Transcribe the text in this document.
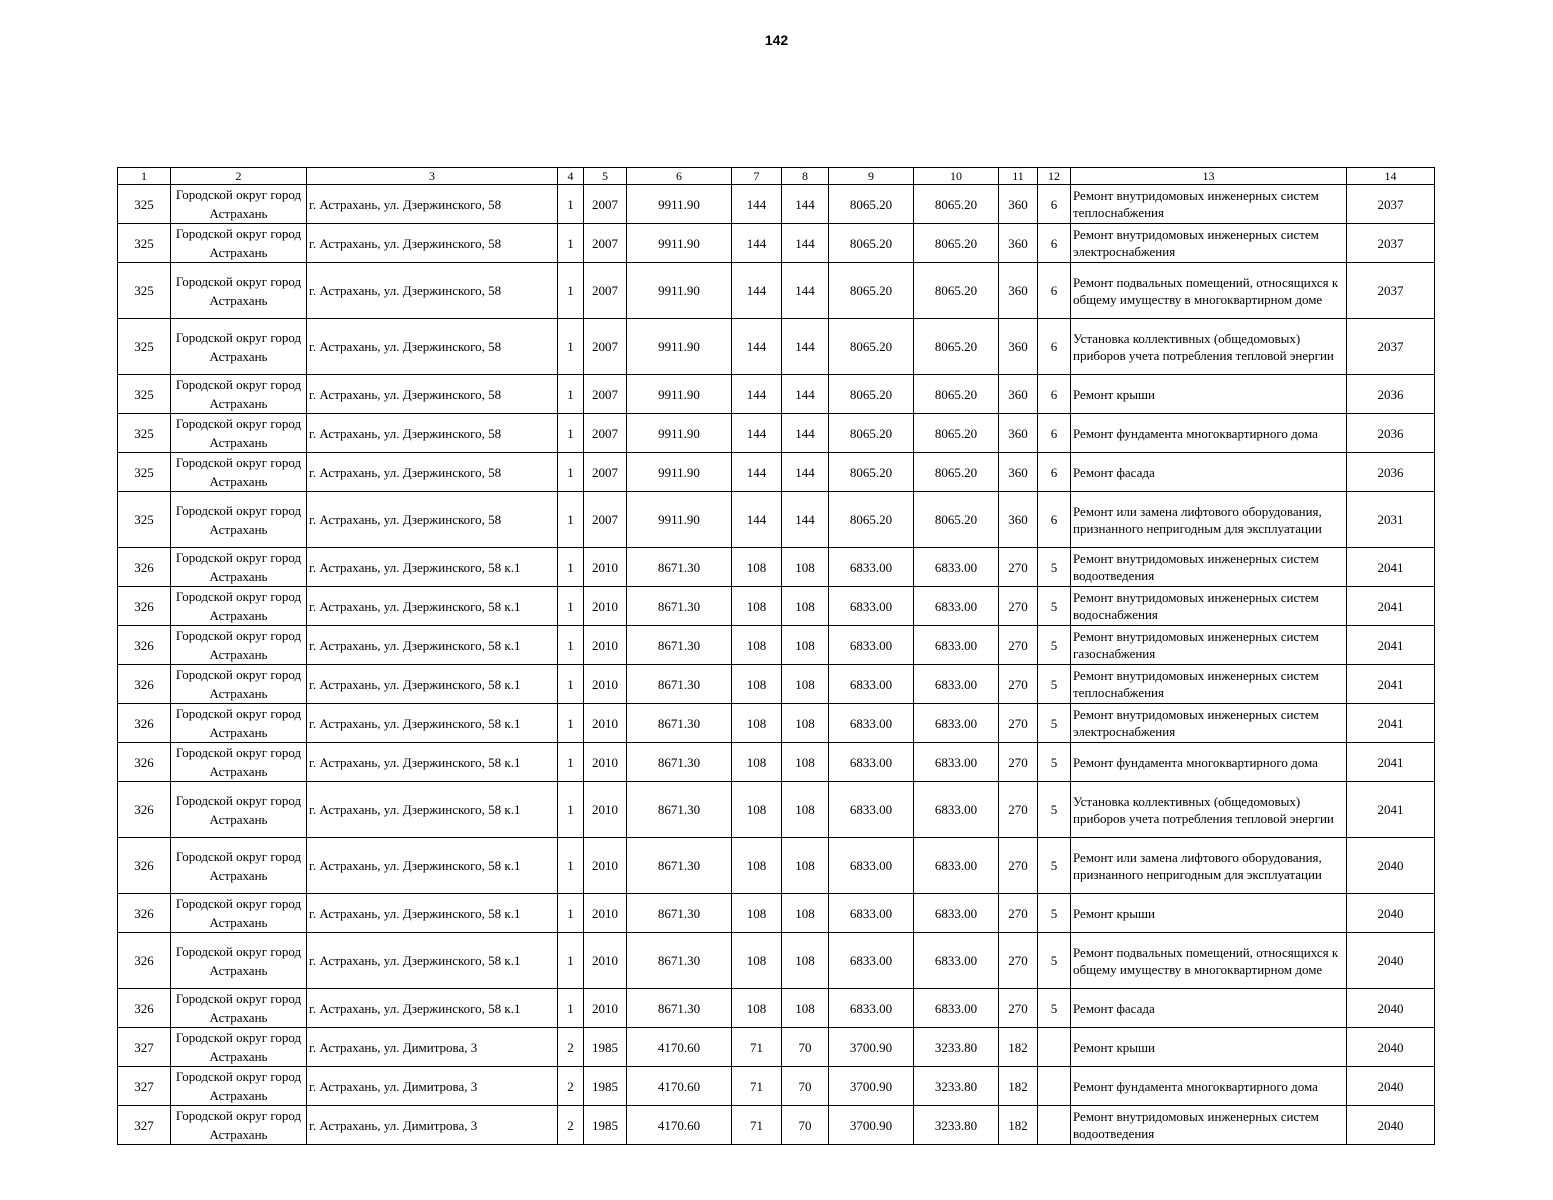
142
1	2	3	4	5	6	7	8	9	10	11	12	13	14
325	Городской округ город Астрахань	г. Астрахань, ул. Дзержинского, 58	1	2007	9911.90	144	144	8065.20	8065.20	360	6	Ремонт внутридомовых инженерных систем теплоснабжения	2037
325	Городской округ город Астрахань	г. Астрахань, ул. Дзержинского, 58	1	2007	9911.90	144	144	8065.20	8065.20	360	6	Ремонт внутридомовых инженерных систем электроснабжения	2037
325	Городской округ город Астрахань	г. Астрахань, ул. Дзержинского, 58	1	2007	9911.90	144	144	8065.20	8065.20	360	6	Ремонт подвальных помещений, относящихся к общему имуществу в многоквартирном доме	2037
325	Городской округ город Астрахань	г. Астрахань, ул. Дзержинского, 58	1	2007	9911.90	144	144	8065.20	8065.20	360	6	Установка коллективных (общедомовых) приборов учета потребления тепловой энергии	2037
325	Городской округ город Астрахань	г. Астрахань, ул. Дзержинского, 58	1	2007	9911.90	144	144	8065.20	8065.20	360	6	Ремонт крыши	2036
325	Городской округ город Астрахань	г. Астрахань, ул. Дзержинского, 58	1	2007	9911.90	144	144	8065.20	8065.20	360	6	Ремонт фундамента многоквартирного дома	2036
325	Городской округ город Астрахань	г. Астрахань, ул. Дзержинского, 58	1	2007	9911.90	144	144	8065.20	8065.20	360	6	Ремонт фасада	2036
325	Городской округ город Астрахань	г. Астрахань, ул. Дзержинского, 58	1	2007	9911.90	144	144	8065.20	8065.20	360	6	Ремонт или замена лифтового оборудования, признанного непригодным для эксплуатации	2031
326	Городской округ город Астрахань	г. Астрахань, ул. Дзержинского, 58 к.1	1	2010	8671.30	108	108	6833.00	6833.00	270	5	Ремонт внутридомовых инженерных систем водоотведения	2041
326	Городской округ город Астрахань	г. Астрахань, ул. Дзержинского, 58 к.1	1	2010	8671.30	108	108	6833.00	6833.00	270	5	Ремонт внутридомовых инженерных систем водоснабжения	2041
326	Городской округ город Астрахань	г. Астрахань, ул. Дзержинского, 58 к.1	1	2010	8671.30	108	108	6833.00	6833.00	270	5	Ремонт внутридомовых инженерных систем газоснабжения	2041
326	Городской округ город Астрахань	г. Астрахань, ул. Дзержинского, 58 к.1	1	2010	8671.30	108	108	6833.00	6833.00	270	5	Ремонт внутридомовых инженерных систем теплоснабжения	2041
326	Городской округ город Астрахань	г. Астрахань, ул. Дзержинского, 58 к.1	1	2010	8671.30	108	108	6833.00	6833.00	270	5	Ремонт внутридомовых инженерных систем электроснабжения	2041
326	Городской округ город Астрахань	г. Астрахань, ул. Дзержинского, 58 к.1	1	2010	8671.30	108	108	6833.00	6833.00	270	5	Ремонт фундамента многоквартирного дома	2041
326	Городской округ город Астрахань	г. Астрахань, ул. Дзержинского, 58 к.1	1	2010	8671.30	108	108	6833.00	6833.00	270	5	Установка коллективных (общедомовых) приборов учета потребления тепловой энергии	2041
326	Городской округ город Астрахань	г. Астрахань, ул. Дзержинского, 58 к.1	1	2010	8671.30	108	108	6833.00	6833.00	270	5	Ремонт или замена лифтового оборудования, признанного непригодным для эксплуатации	2040
326	Городской округ город Астрахань	г. Астрахань, ул. Дзержинского, 58 к.1	1	2010	8671.30	108	108	6833.00	6833.00	270	5	Ремонт крыши	2040
326	Городской округ город Астрахань	г. Астрахань, ул. Дзержинского, 58 к.1	1	2010	8671.30	108	108	6833.00	6833.00	270	5	Ремонт подвальных помещений, относящихся к общему имуществу в многоквартирном доме	2040
326	Городской округ город Астрахань	г. Астрахань, ул. Дзержинского, 58 к.1	1	2010	8671.30	108	108	6833.00	6833.00	270	5	Ремонт фасада	2040
327	Городской округ город Астрахань	г. Астрахань, ул. Димитрова, 3	2	1985	4170.60	71	70	3700.90	3233.80	182		Ремонт крыши	2040
327	Городской округ город Астрахань	г. Астрахань, ул. Димитрова, 3	2	1985	4170.60	71	70	3700.90	3233.80	182		Ремонт фундамента многоквартирного дома	2040
327	Городской округ город Астрахань	г. Астрахань, ул. Димитрова, 3	2	1985	4170.60	71	70	3700.90	3233.80	182		Ремонт внутридомовых инженерных систем водоотведения	2040
